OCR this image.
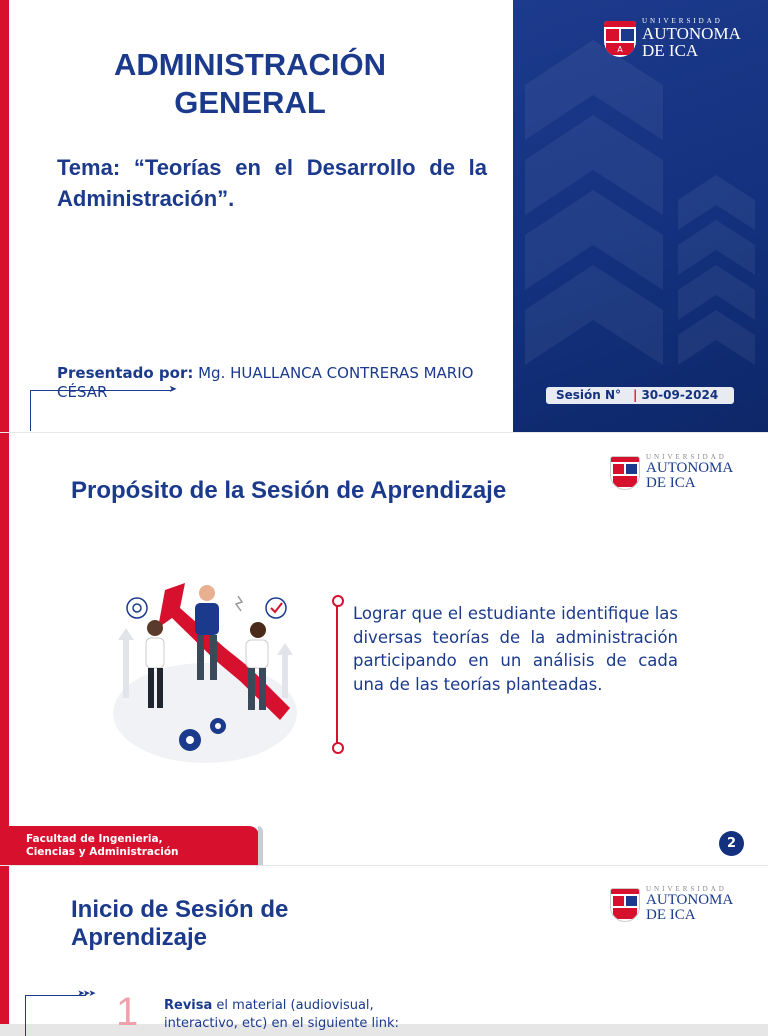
A
UNIVERSIDAD
AUTONOMA
DE ICA
ADMINISTRACIÓN GENERAL
Tema: “Teorías en el Desarrollo de la Administración”.
Presentado por: Mg. HUALLANCA CONTRERAS MARIO CÉSAR	➤	Sesión N° | 30-09-2024
UNIVERSIDAD
AUTONOMA
DE ICA
Propósito de la Sesión de Aprendizaje
Lograr que el estudiante identifique las diversas teorías de la administración participando en un análisis de cada una de las teorías planteadas.
Facultad de Ingenieria,
Ciencias y Administración
2
UNIVERSIDAD
AUTONOMA
DE ICA
Inicio de Sesión de Aprendizaje
➤➤➤ 1 Revisa el material (audiovisual, interactivo, etc) en el siguiente link:
